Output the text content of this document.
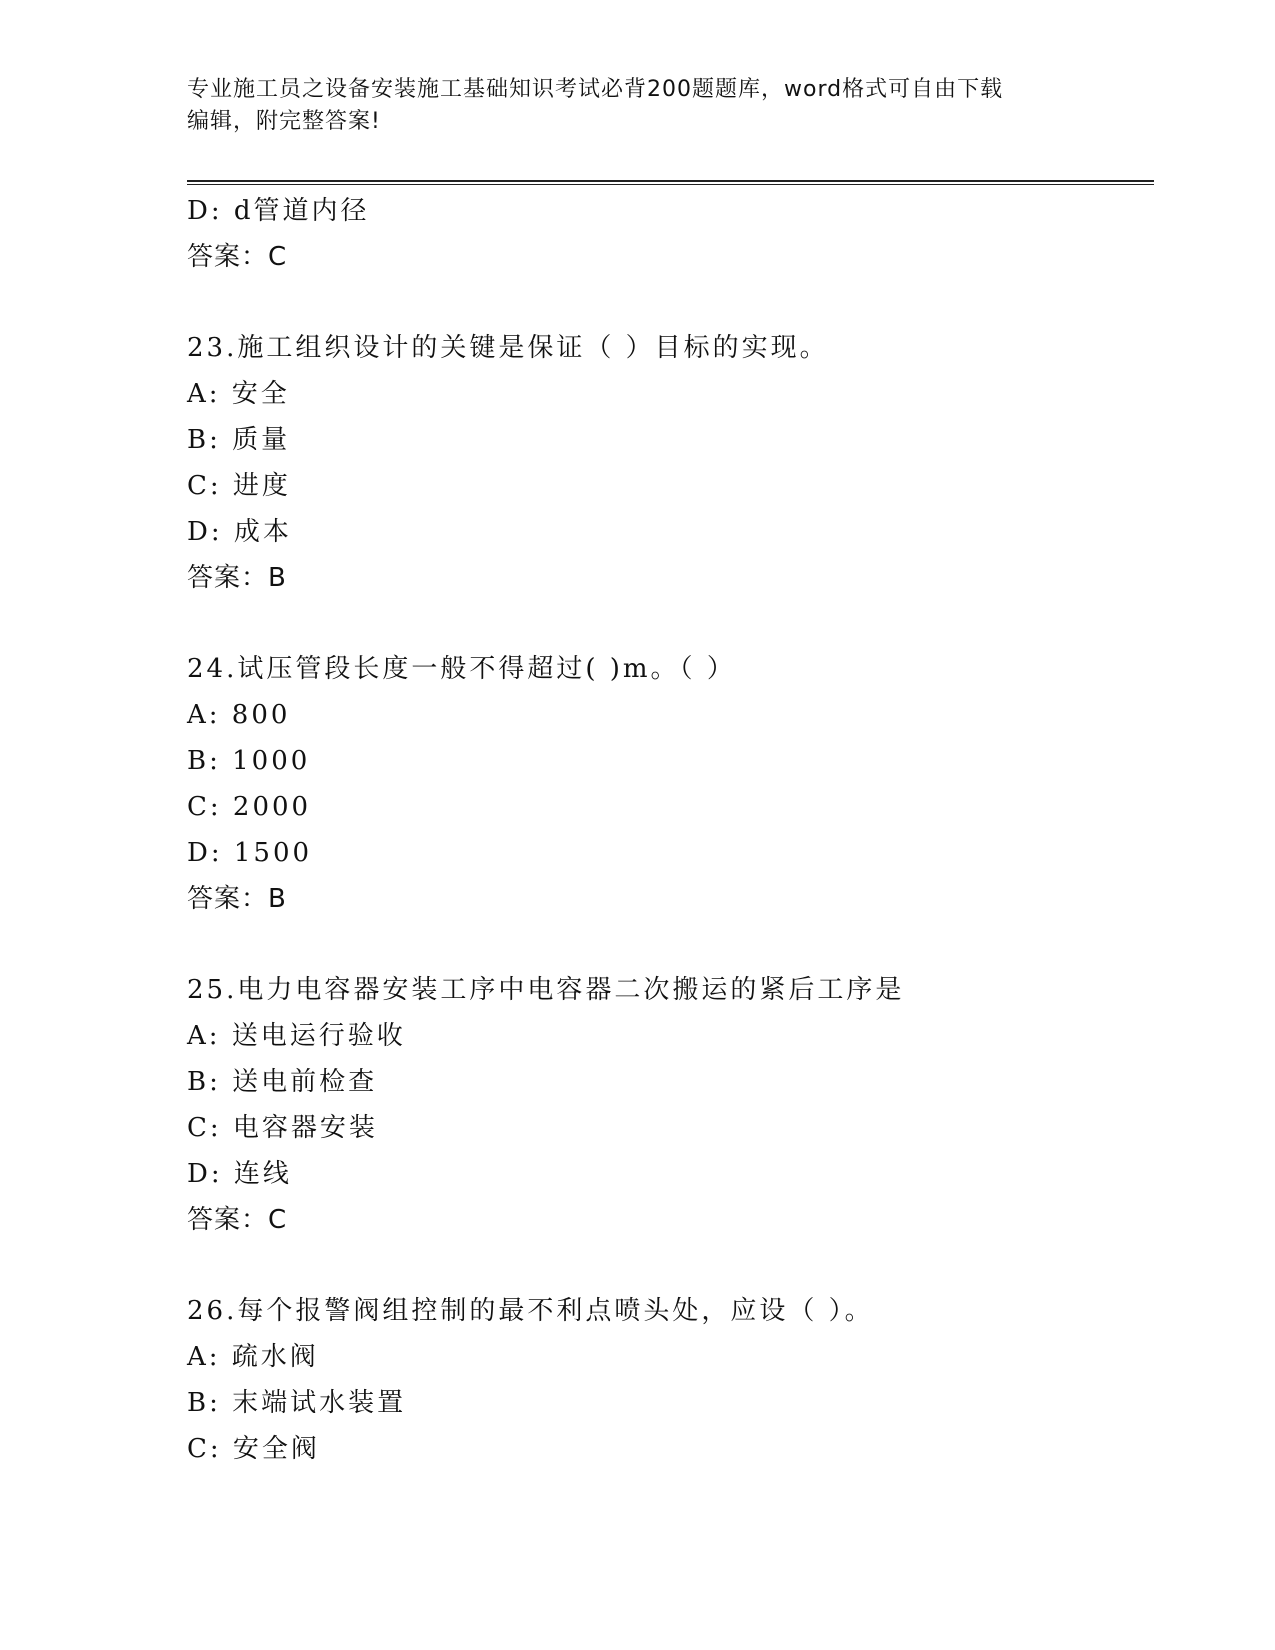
专业施工员之设备安装施工基础知识考试必背200题题库，word格式可自由下载
编辑，附完整答案!
D: d管道内径
答案：C
23.施工组织设计的关键是保证（ ）目标的实现。
A: 安全
B: 质量
C: 进度
D: 成本
答案：B
24.试压管段长度一般不得超过( )m。（ ）
A: 800
B: 1000
C: 2000
D: 1500
答案：B
25.电力电容器安装工序中电容器二次搬运的紧后工序是
A: 送电运行验收
B: 送电前检查
C: 电容器安装
D: 连线
答案：C
26.每个报警阀组控制的最不利点喷头处，应设（ ）。
A: 疏水阀
B: 末端试水装置
C: 安全阀
